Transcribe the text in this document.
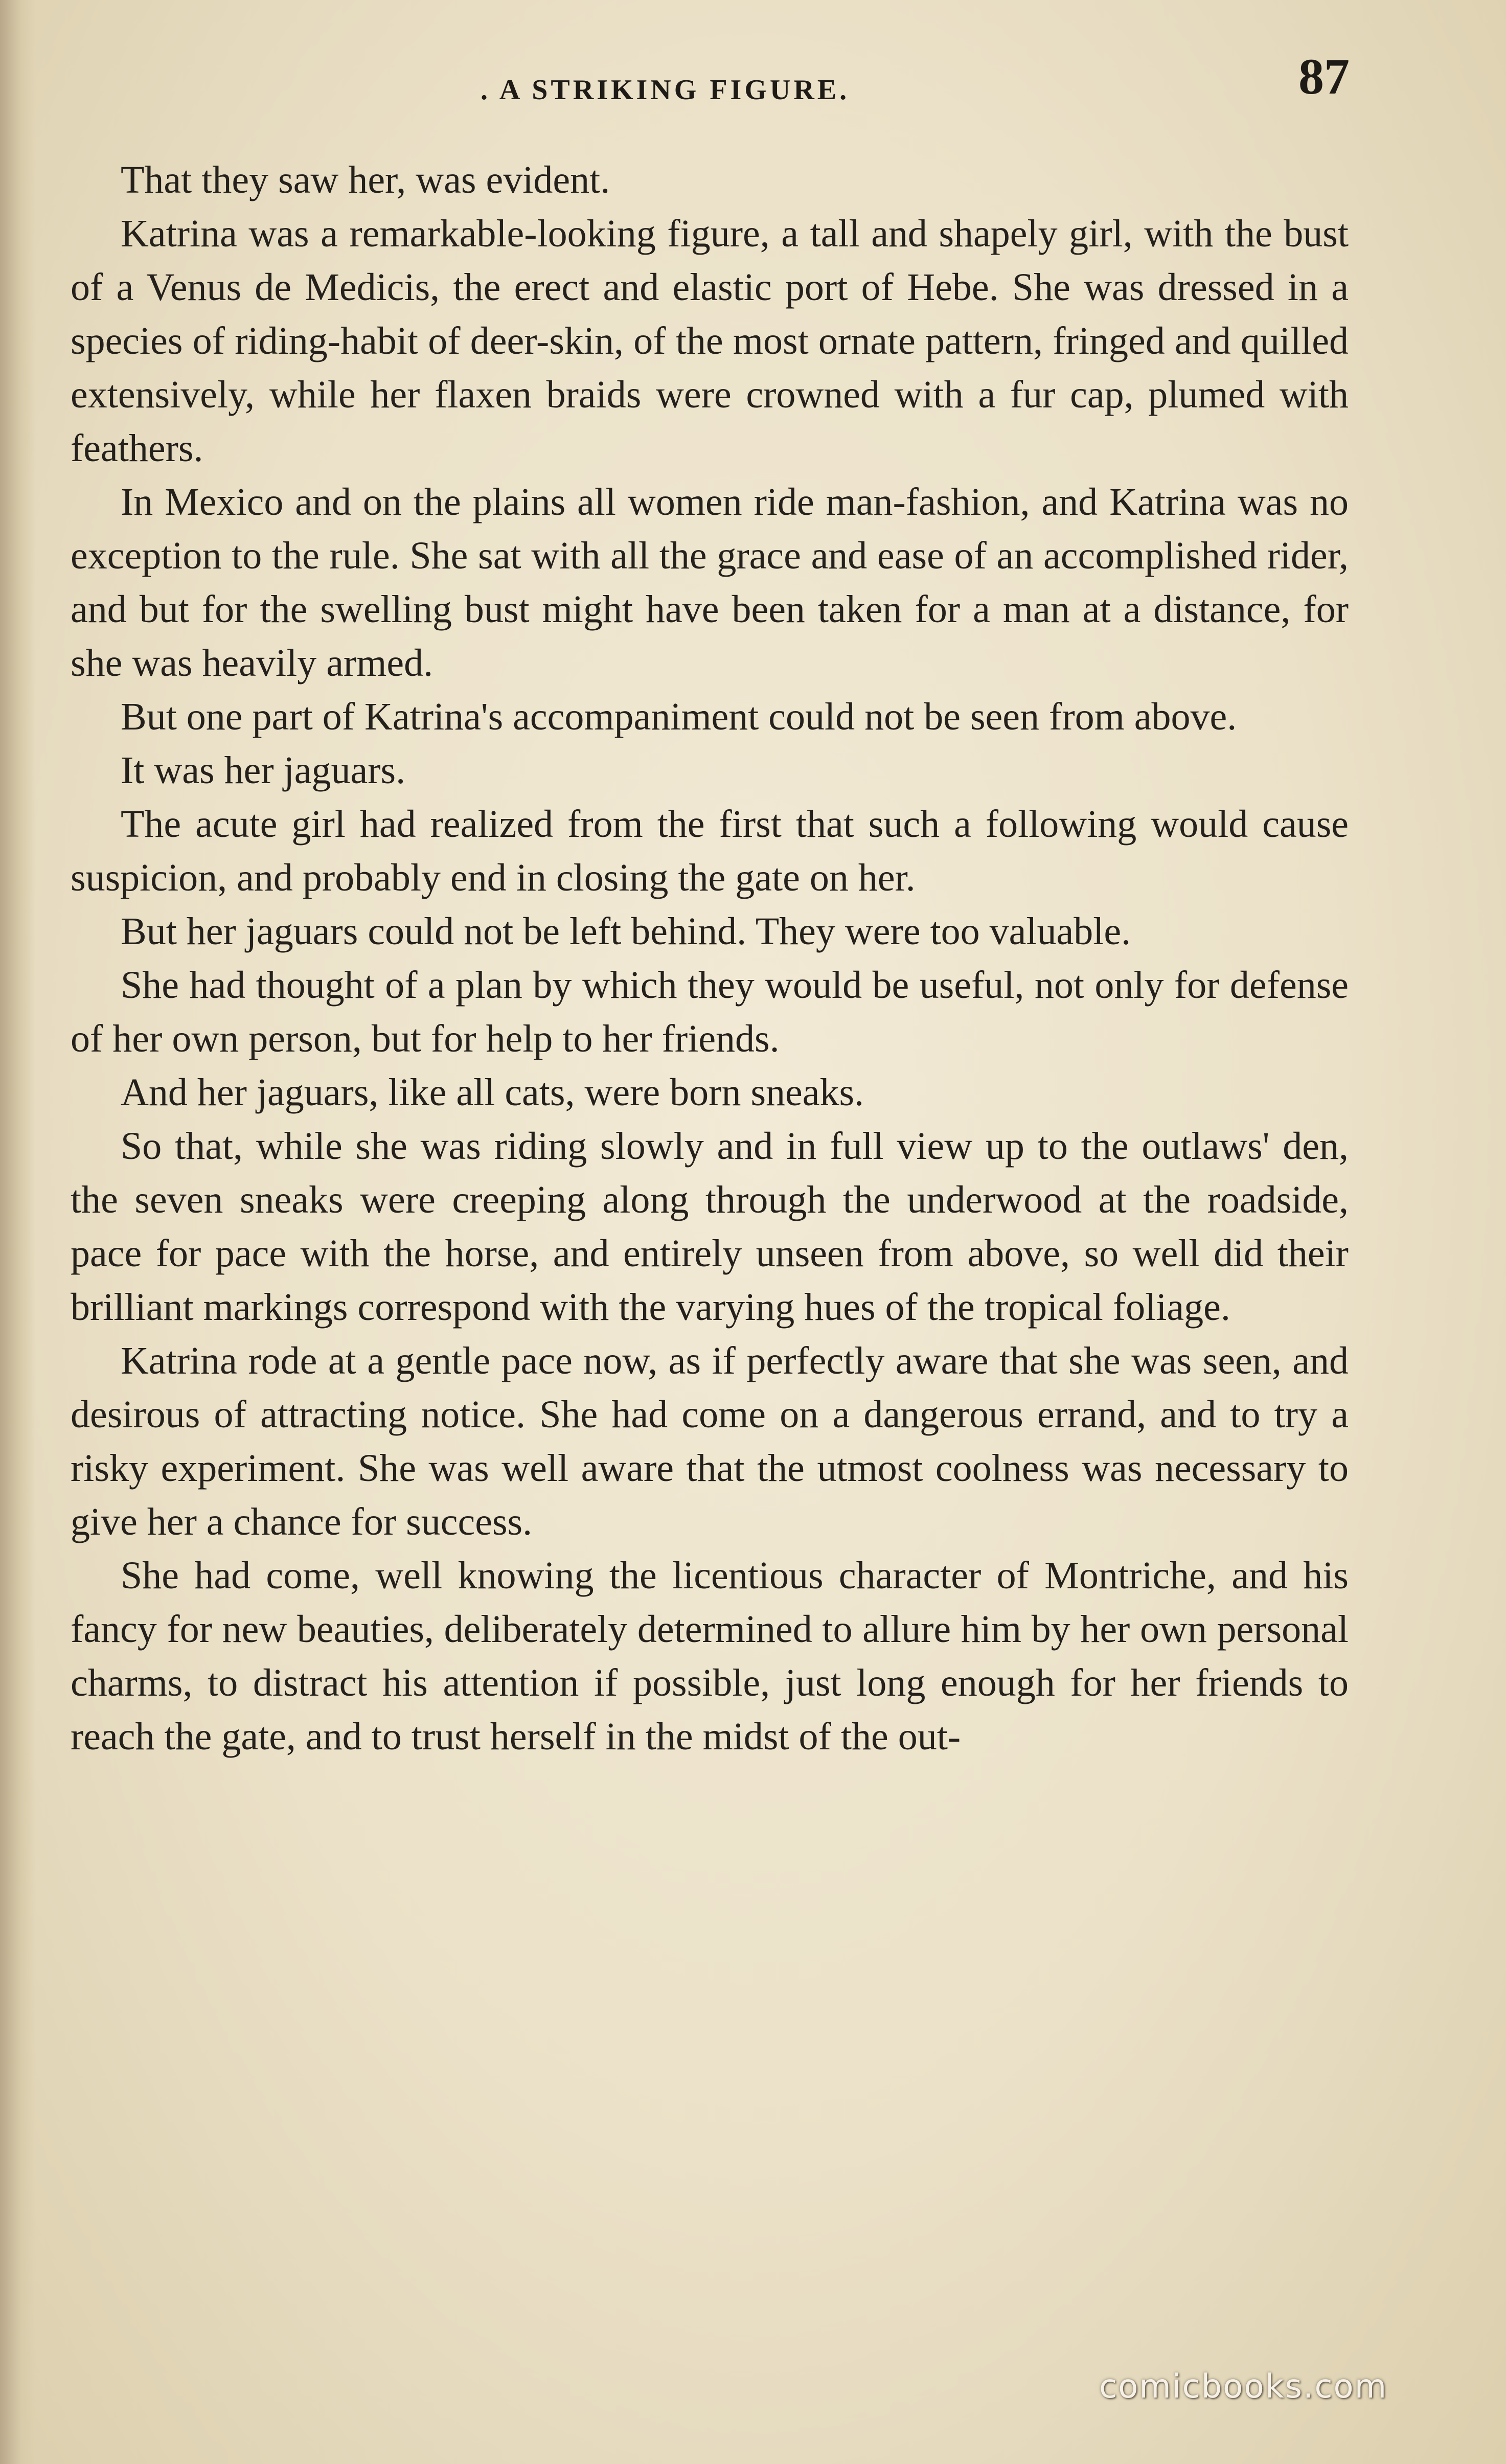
. A STRIKING FIGURE.	87

That they saw her, was evident.

Katrina was a remarkable-looking figure, a tall and shapely girl, with the bust of a Venus de Medicis, the erect and elastic port of Hebe. She was dressed in a species of riding-habit of deer-skin, of the most ornate pattern, fringed and quilled extensively, while her flaxen braids were crowned with a fur cap, plumed with feathers.

In Mexico and on the plains all women ride man-fashion, and Katrina was no exception to the rule. She sat with all the grace and ease of an accomplished rider, and but for the swelling bust might have been taken for a man at a distance, for she was heavily armed.

But one part of Katrina's accompaniment could not be seen from above.

It was her jaguars.

The acute girl had realized from the first that such a following would cause suspicion, and probably end in closing the gate on her.

But her jaguars could not be left behind. They were too valuable.

She had thought of a plan by which they would be useful, not only for defense of her own person, but for help to her friends.

And her jaguars, like all cats, were born sneaks.

So that, while she was riding slowly and in full view up to the outlaws' den, the seven sneaks were creeping along through the underwood at the roadside, pace for pace with the horse, and entirely unseen from above, so well did their brilliant markings correspond with the varying hues of the tropical foliage.

Katrina rode at a gentle pace now, as if perfectly aware that she was seen, and desirous of attracting notice. She had come on a dangerous errand, and to try a risky experiment. She was well aware that the utmost coolness was necessary to give her a chance for success.

She had come, well knowing the licentious character of Montriche, and his fancy for new beauties, deliberately determined to allure him by her own personal charms, to distract his attention if possible, just long enough for her friends to reach the gate, and to trust herself in the midst of the out-

comicbooks.com
